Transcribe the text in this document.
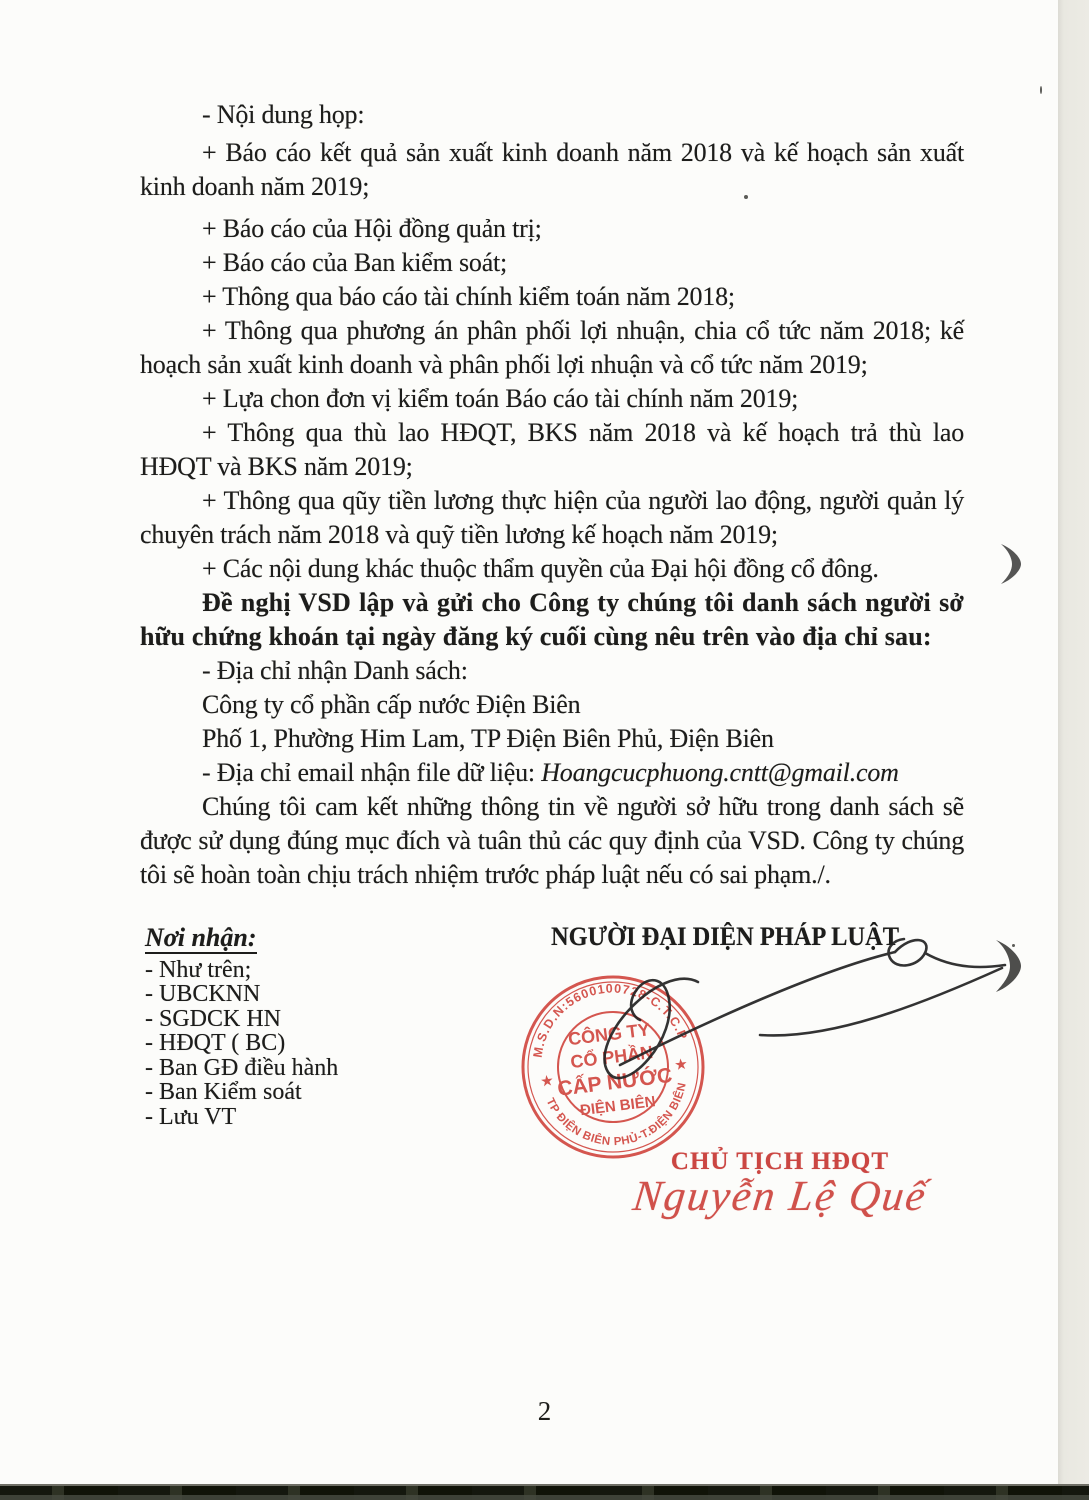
- Nội dung họp:

+ Báo cáo kết quả sản xuất kinh doanh năm 2018 và kế hoạch sản xuất kinh doanh năm 2019;

+ Báo cáo của Hội đồng quản trị;

+ Báo cáo của Ban kiểm soát;

+ Thông qua báo cáo tài chính kiểm toán năm 2018;

+ Thông qua phương án phân phối lợi nhuận, chia cổ tức năm 2018; kế hoạch sản xuất kinh doanh và phân phối lợi nhuận và cổ tức năm 2019;

+ Lựa chon đơn vị kiểm toán Báo cáo tài chính năm 2019;

+ Thông qua thù lao HĐQT, BKS năm 2018 và kế hoạch trả thù lao HĐQT và BKS năm 2019;

+ Thông qua qũy tiền lương thực hiện của người lao động, người quản lý chuyên trách năm 2018 và quỹ tiền lương kế hoạch năm 2019;

+ Các nội dung khác thuộc thẩm quyền của Đại hội đồng cổ đông.

Đề nghị VSD lập và gửi cho Công ty chúng tôi danh sách người sở hữu chứng khoán tại ngày đăng ký cuối cùng nêu trên vào địa chỉ sau:

- Địa chỉ nhận Danh sách:

Công ty cổ phần cấp nước Điện Biên

Phố 1, Phường Him Lam, TP Điện Biên Phủ, Điện Biên

- Địa chỉ email nhận file dữ liệu: Hoangcucphuong.cntt@gmail.com

Chúng tôi cam kết những thông tin về người sở hữu trong danh sách sẽ được sử dụng đúng mục đích và tuân thủ các quy định của VSD. Công ty chúng tôi sẽ hoàn toàn chịu trách nhiệm trước pháp luật nếu có sai phạm./.

Nơi nhận:
- Như trên;
- UBCKNN
- SGDCK HN
- HĐQT ( BC)
- Ban GĐ điều hành
- Ban Kiểm soát
- Lưu VT
NGƯỜI ĐẠI DIỆN PHÁP LUẬT
M.S.D.N:5600100728-C.T.C.P
TP ĐIỆN BIÊN PHỦ-T.ĐIỆN BIÊN
★
★
CÔNG TY
CỔ PHẦN
CẤP NƯỚC
ĐIỆN BIÊN
CHỦ TỊCH HĐQT
Nguyễn Lệ Quế
2
